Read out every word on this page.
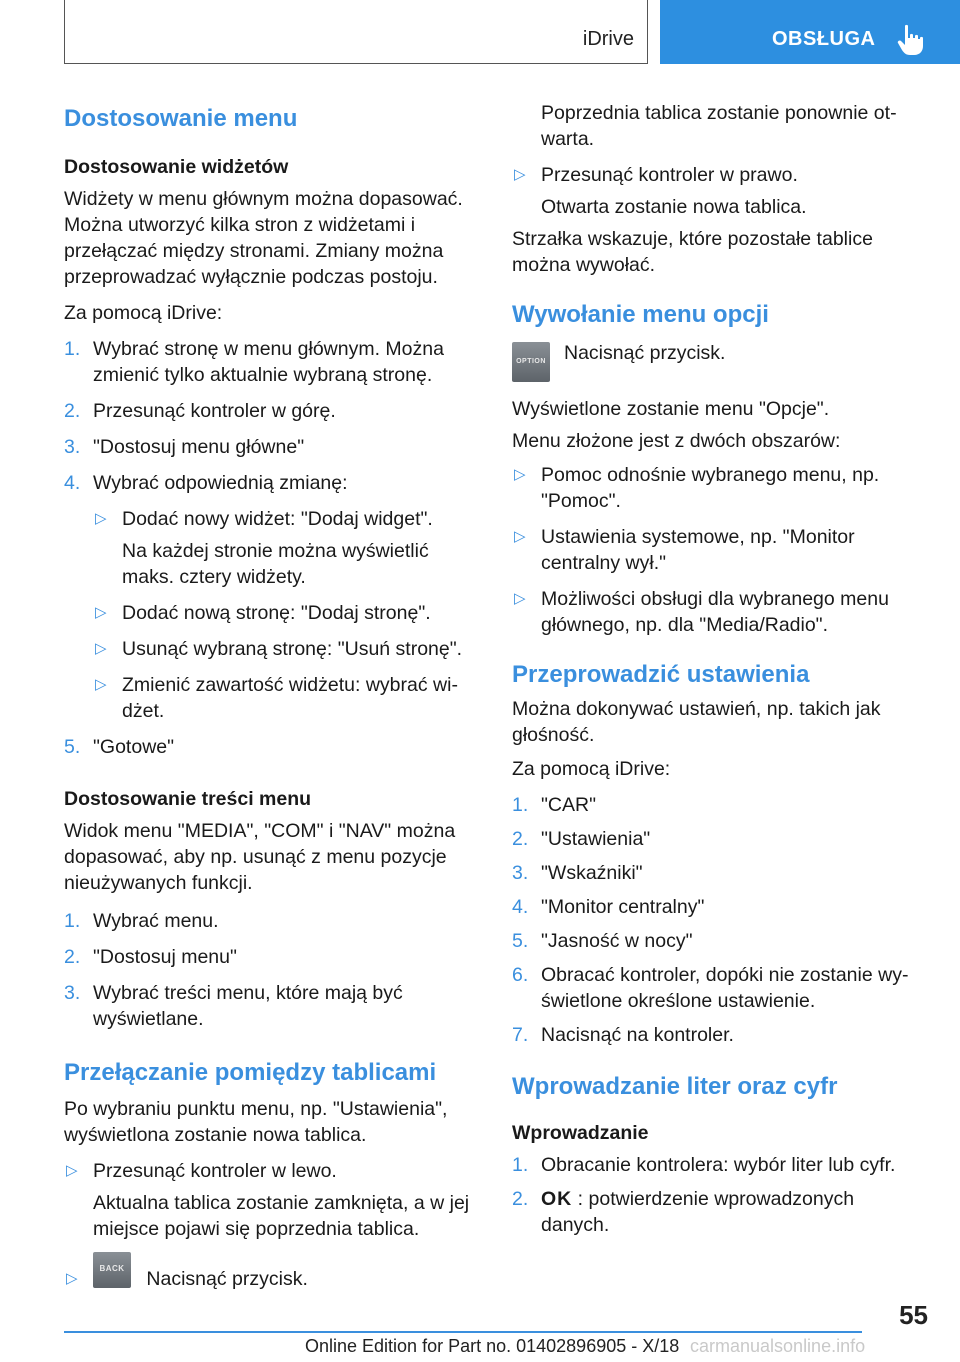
iDrive	OBSŁUGA
Dostosowanie menu
Dostosowanie widżetów

Widżety w menu głównym można dopasować. Można utworzyć kilka stron z widżetami i przełączać między stronami. Zmiany można przeprowadzać wyłącznie podczas postoju.

Za pomocą iDrive:

1. Wybrać stronę w menu głównym. Można zmienić tylko aktualnie wybraną stronę.
2. Przesunąć kontroler w górę.
3. "Dostosuj menu główne"
4. Wybrać odpowiednią zmianę:
▷ Dodać nowy widżet: "Dodaj widget".

Na każdej stronie można wyświetlić maks. cztery widżety.

▷ Dodać nową stronę: "Dodaj stronę".
▷ Usunąć wybraną stronę: "Usuń stronę".
▷ Zmienić zawartość widżetu: wybrać widżet.
5. "Gotowe"
Dostosowanie treści menu

Widok menu "MEDIA", "COM" i "NAV" można dopasować, aby np. usunąć z menu pozycje nieużywanych funkcji.

1. Wybrać menu.
2. "Dostosuj menu"
3. Wybrać treści menu, które mają być wyświetlane.
Przełączanie pomiędzy tablicami

Po wybraniu punktu menu, np. "Ustawienia", wyświetlona zostanie nowa tablica.

▷ Przesunąć kontroler w lewo.

Aktualna tablica zostanie zamknięta, a w jej miejsce pojawi się poprzednia tablica.

▷
BACK Nacisnąć przycisk.

Poprzednia tablica zostanie ponownie otwarta.

▷ Przesunąć kontroler w prawo.

Otwarta zostanie nowa tablica.

Strzałka wskazuje, które pozostałe tablice można wywołać.

Wywołanie menu opcji
OPTION Nacisnąć przycisk.

Wyświetlone zostanie menu "Opcje".

Menu złożone jest z dwóch obszarów:

▷ Pomoc odnośnie wybranego menu, np. "Pomoc".
▷ Ustawienia systemowe, np. "Monitor centralny wył."
▷ Możliwości obsługi dla wybranego menu głównego, np. dla "Media/Radio".
Przeprowadzić ustawienia

Można dokonywać ustawień, np. takich jak głośność.

Za pomocą iDrive:

1. "CAR"
2. "Ustawienia"
3. "Wskaźniki"
4. "Monitor centralny"
5. "Jasność w nocy"
6. Obracać kontroler, dopóki nie zostanie wyświetlone określone ustawienie.
7. Nacisnąć na kontroler.
Wprowadzanie liter oraz cyfr
Wprowadzanie
1. Obracanie kontrolera: wybór liter lub cyfr.
2. OK : potwierdzenie wprowadzonych danych.
55
Online Edition for Part no. 01402896905 - X/18 carmanualsonline.info
